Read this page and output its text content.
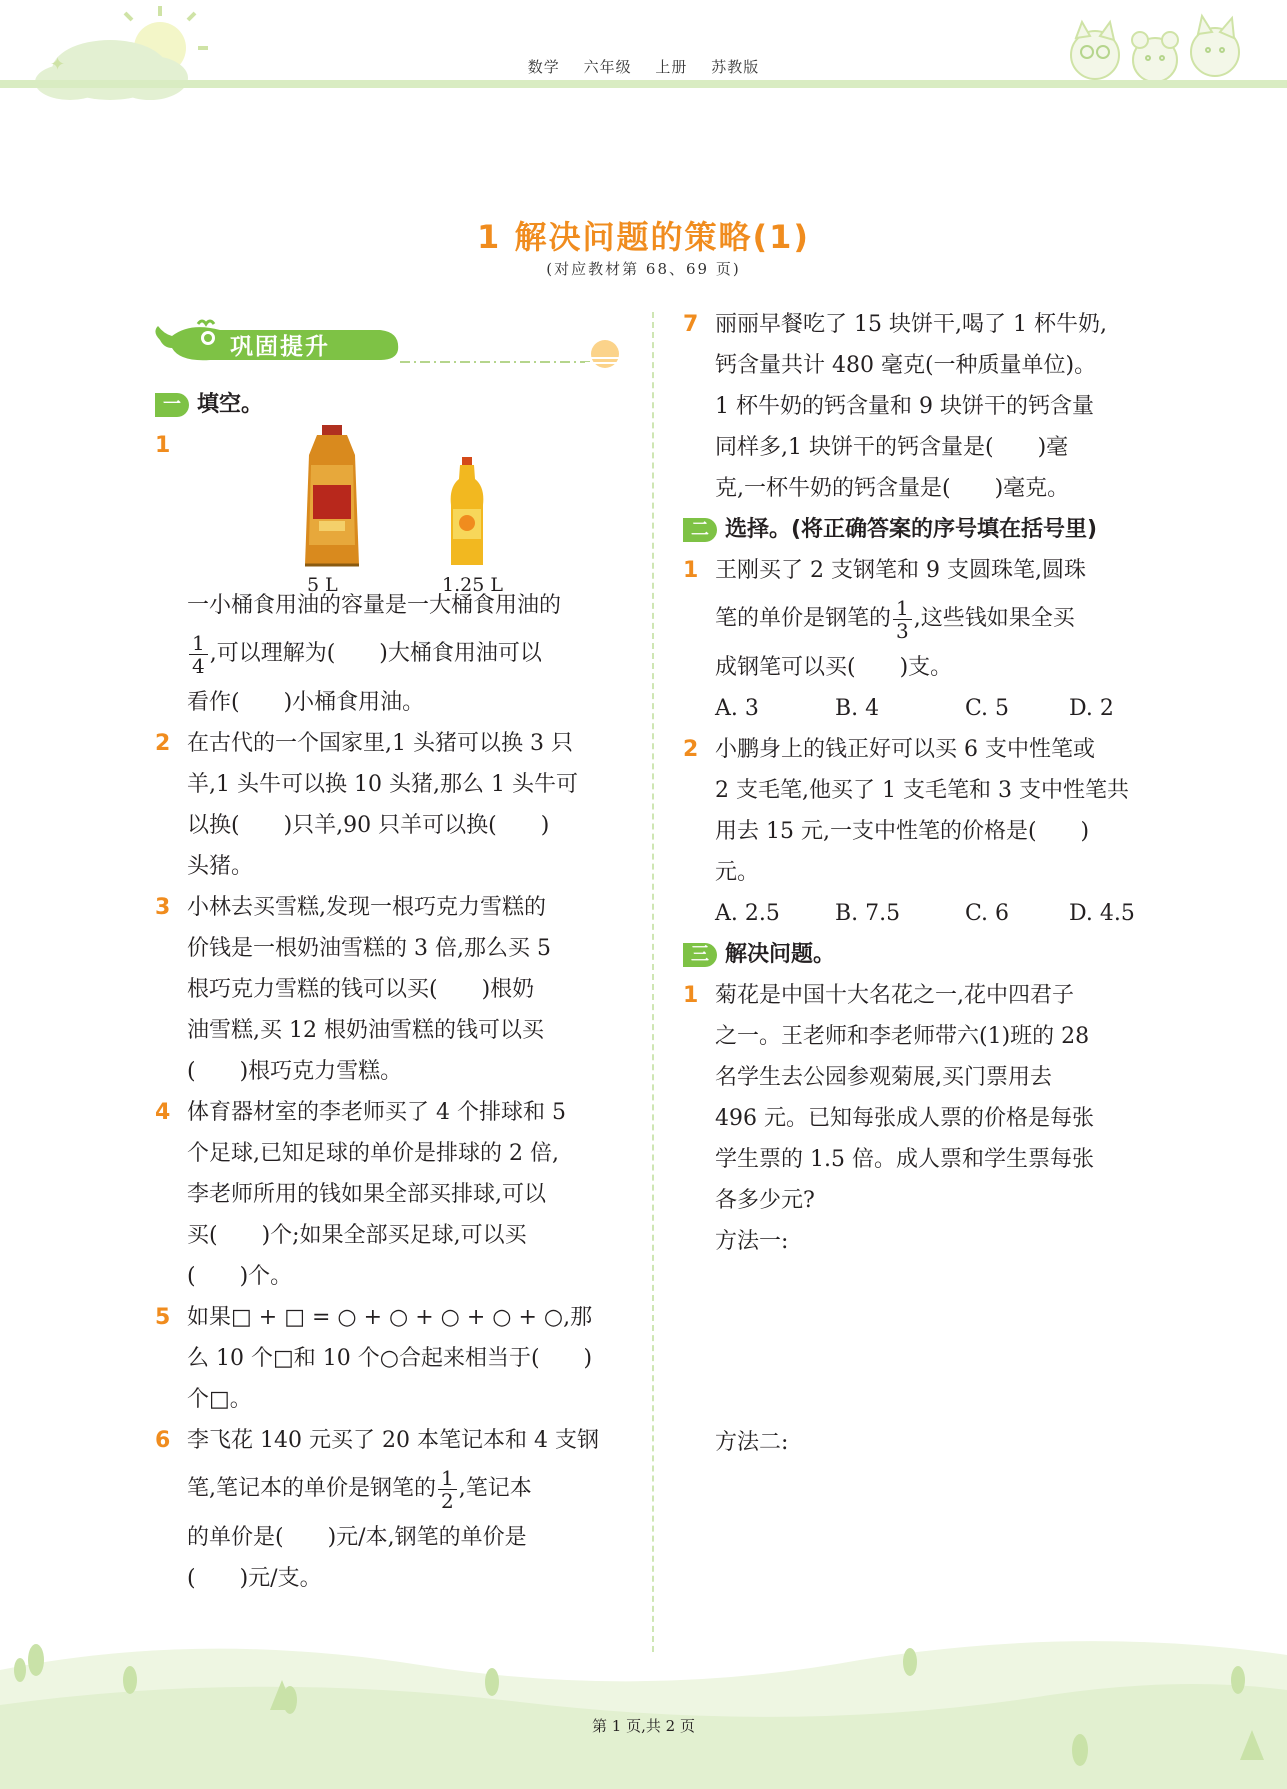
✦	数学 六年级 上册 苏教版
1 解决问题的策略(1)
(对应教材第 68、69 页)
巩固提升
一 填空。
1
5 L	1.25 L

一小桶食用油的容量是一大桶食用油的

$\frac{1}{4}$ ,可以理解为(　　)大桶食用油可以

看作(　　)小桶食用油。

2 在古代的一个国家里,1 头猪可以换 3 只

羊,1 头牛可以换 10 头猪,那么 1 头牛可

以换(　　)只羊,90 只羊可以换(　　)

头猪。

3 小林去买雪糕,发现一根巧克力雪糕的

价钱是一根奶油雪糕的 3 倍,那么买 5

根巧克力雪糕的钱可以买(　　)根奶

油雪糕,买 12 根奶油雪糕的钱可以买

(　　)根巧克力雪糕。

4 体育器材室的李老师买了 4 个排球和 5

个足球,已知足球的单价是排球的 2 倍,

李老师所用的钱如果全部买排球,可以

买(　　)个;如果全部买足球,可以买

(　　)个。

5 如果□ + □ = ○ + ○ + ○ + ○ + ○,那

么 10 个□和 10 个○合起来相当于(　　)

个□。

6 李飞花 140 元买了 20 本笔记本和 4 支钢

笔,笔记本的单价是钢笔的 $\frac{1}{2}$ ,笔记本

的单价是(　　)元/本,钢笔的单价是

(　　)元/支。

7 丽丽早餐吃了 15 块饼干,喝了 1 杯牛奶,

钙含量共计 480 毫克(一种质量单位)。

1 杯牛奶的钙含量和 9 块饼干的钙含量

同样多,1 块饼干的钙含量是(　　)毫

克,一杯牛奶的钙含量是(　　)毫克。

二 选择。(将正确答案的序号填在括号里)
1 王刚买了 2 支钢笔和 9 支圆珠笔,圆珠

笔的单价是钢笔的 $\frac{1}{3}$ ,这些钱如果全买

成钢笔可以买(　　)支。

A. 3	B. 4	C. 5	D. 2
2 小鹏身上的钱正好可以买 6 支中性笔或

2 支毛笔,他买了 1 支毛笔和 3 支中性笔共

用去 15 元,一支中性笔的价格是(　　)

元。

A. 2.5	B. 7.5	C. 6	D. 4.5
三 解决问题。
1 菊花是中国十大名花之一,花中四君子

之一。王老师和李老师带六(1)班的 28

名学生去公园参观菊展,买门票用去

496 元。已知每张成人票的价格是每张

学生票的 1.5 倍。成人票和学生票每张

各多少元?

方法一:

方法二:

第 1 页,共 2 页
